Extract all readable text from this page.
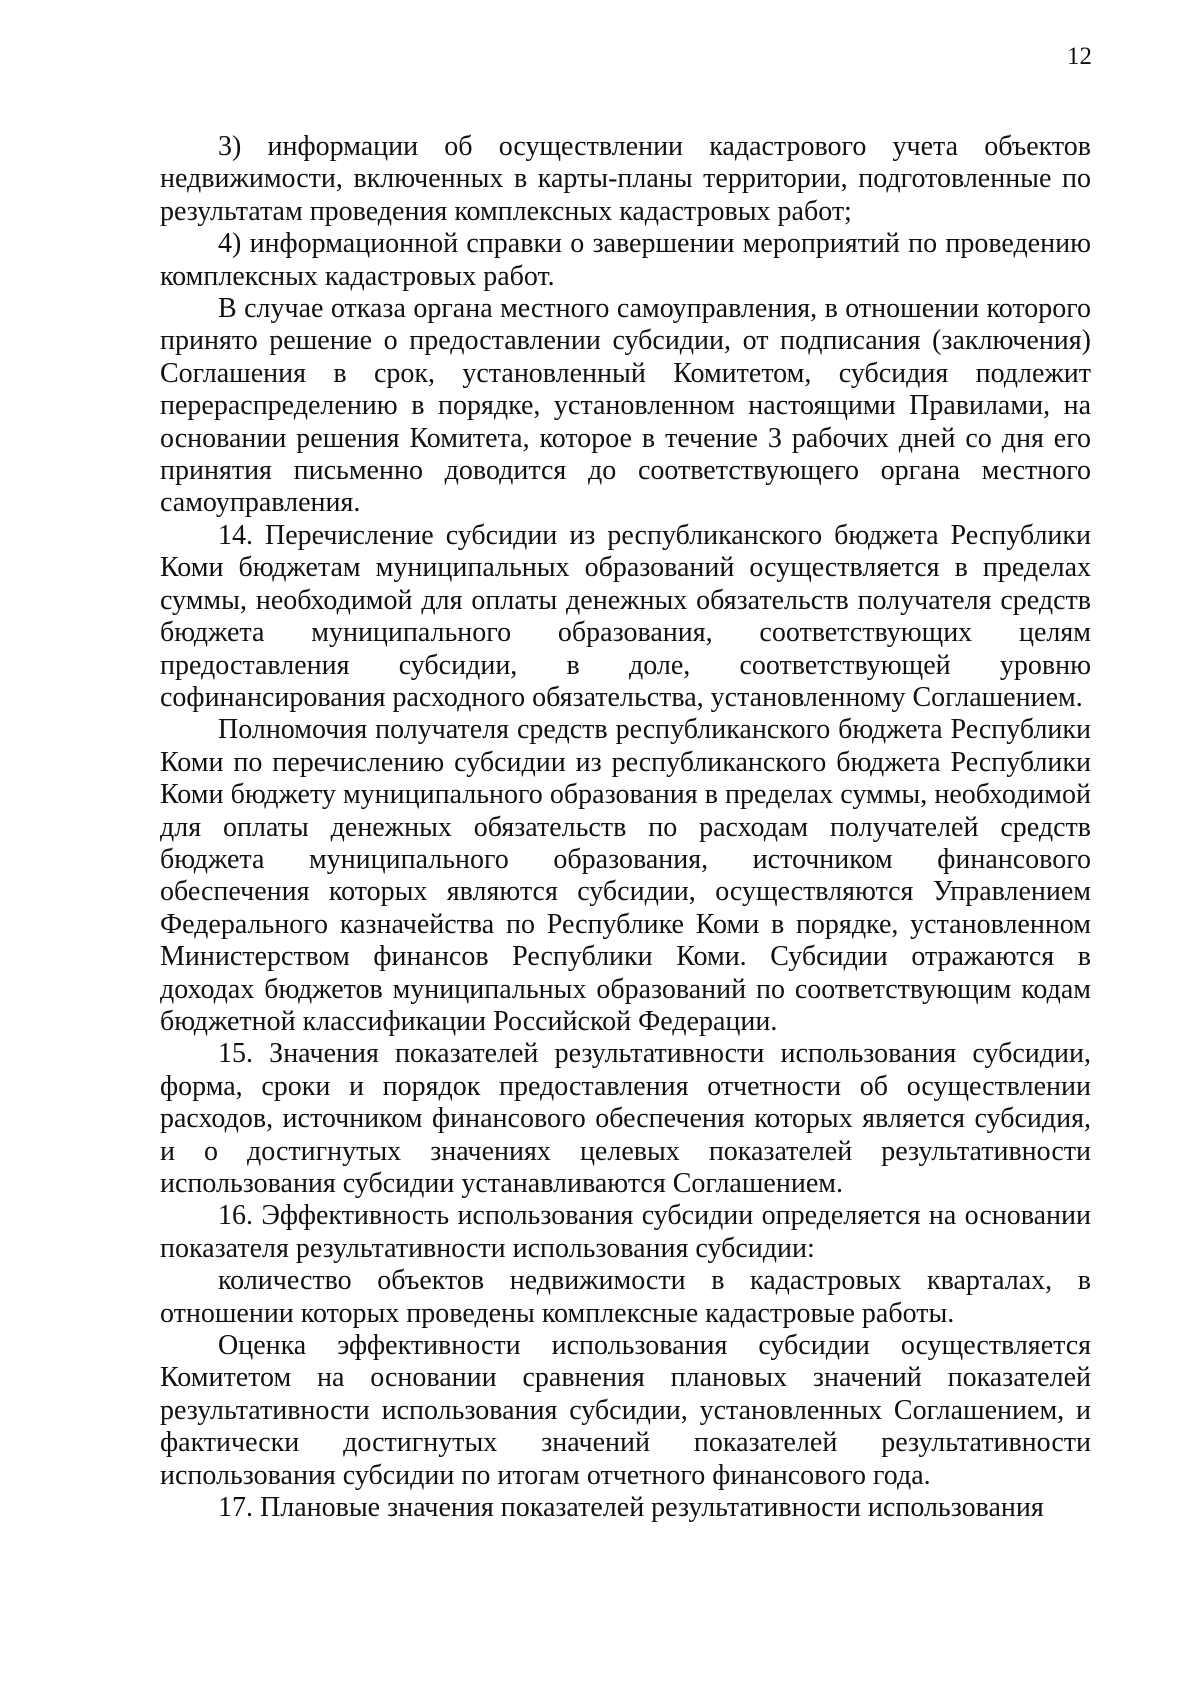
12

3) информации об осуществлении кадастрового учета объектов недвижимости, включенных в карты-планы территории, подготовленные по результатам проведения комплексных кадастровых работ;

4) информационной справки о завершении мероприятий по проведению комплексных кадастровых работ.

В случае отказа органа местного самоуправления, в отношении которого принято решение о предоставлении субсидии, от подписания (заключения) Соглашения в срок, установленный Комитетом, субсидия подлежит перераспределению в порядке, установленном настоящими Правилами, на основании решения Комитета, которое в течение 3 рабочих дней со дня его принятия письменно доводится до соответствующего органа местного самоуправления.

14. Перечисление субсидии из республиканского бюджета Республики Коми бюджетам муниципальных образований осуществляется в пределах суммы, необходимой для оплаты денежных обязательств получателя средств бюджета муниципального образования, соответствующих целям предоставления субсидии, в доле, соответствующей уровню софинансирования расходного обязательства, установленному Соглашением.

Полномочия получателя средств республиканского бюджета Республики Коми по перечислению субсидии из республиканского бюджета Республики Коми бюджету муниципального образования в пределах суммы, необходимой для оплаты денежных обязательств по расходам получателей средств бюджета муниципального образования, источником финансового обеспечения которых являются субсидии, осуществляются Управлением Федерального казначейства по Республике Коми в порядке, установленном Министерством финансов Республики Коми. Субсидии отражаются в доходах бюджетов муниципальных образований по соответствующим кодам бюджетной классификации Российской Федерации.

15. Значения показателей результативности использования субсидии, форма, сроки и порядок предоставления отчетности об осуществлении расходов, источником финансового обеспечения которых является субсидия, и о достигнутых значениях целевых показателей результативности использования субсидии устанавливаются Соглашением.

16. Эффективность использования субсидии определяется на основании показателя результативности использования субсидии:

количество объектов недвижимости в кадастровых кварталах, в отношении которых проведены комплексные кадастровые работы.

Оценка эффективности использования субсидии осуществляется Комитетом на основании сравнения плановых значений показателей результативности использования субсидии, установленных Соглашением, и фактически достигнутых значений показателей результативности использования субсидии по итогам отчетного финансового года.

17. Плановые значения показателей результативности использования
